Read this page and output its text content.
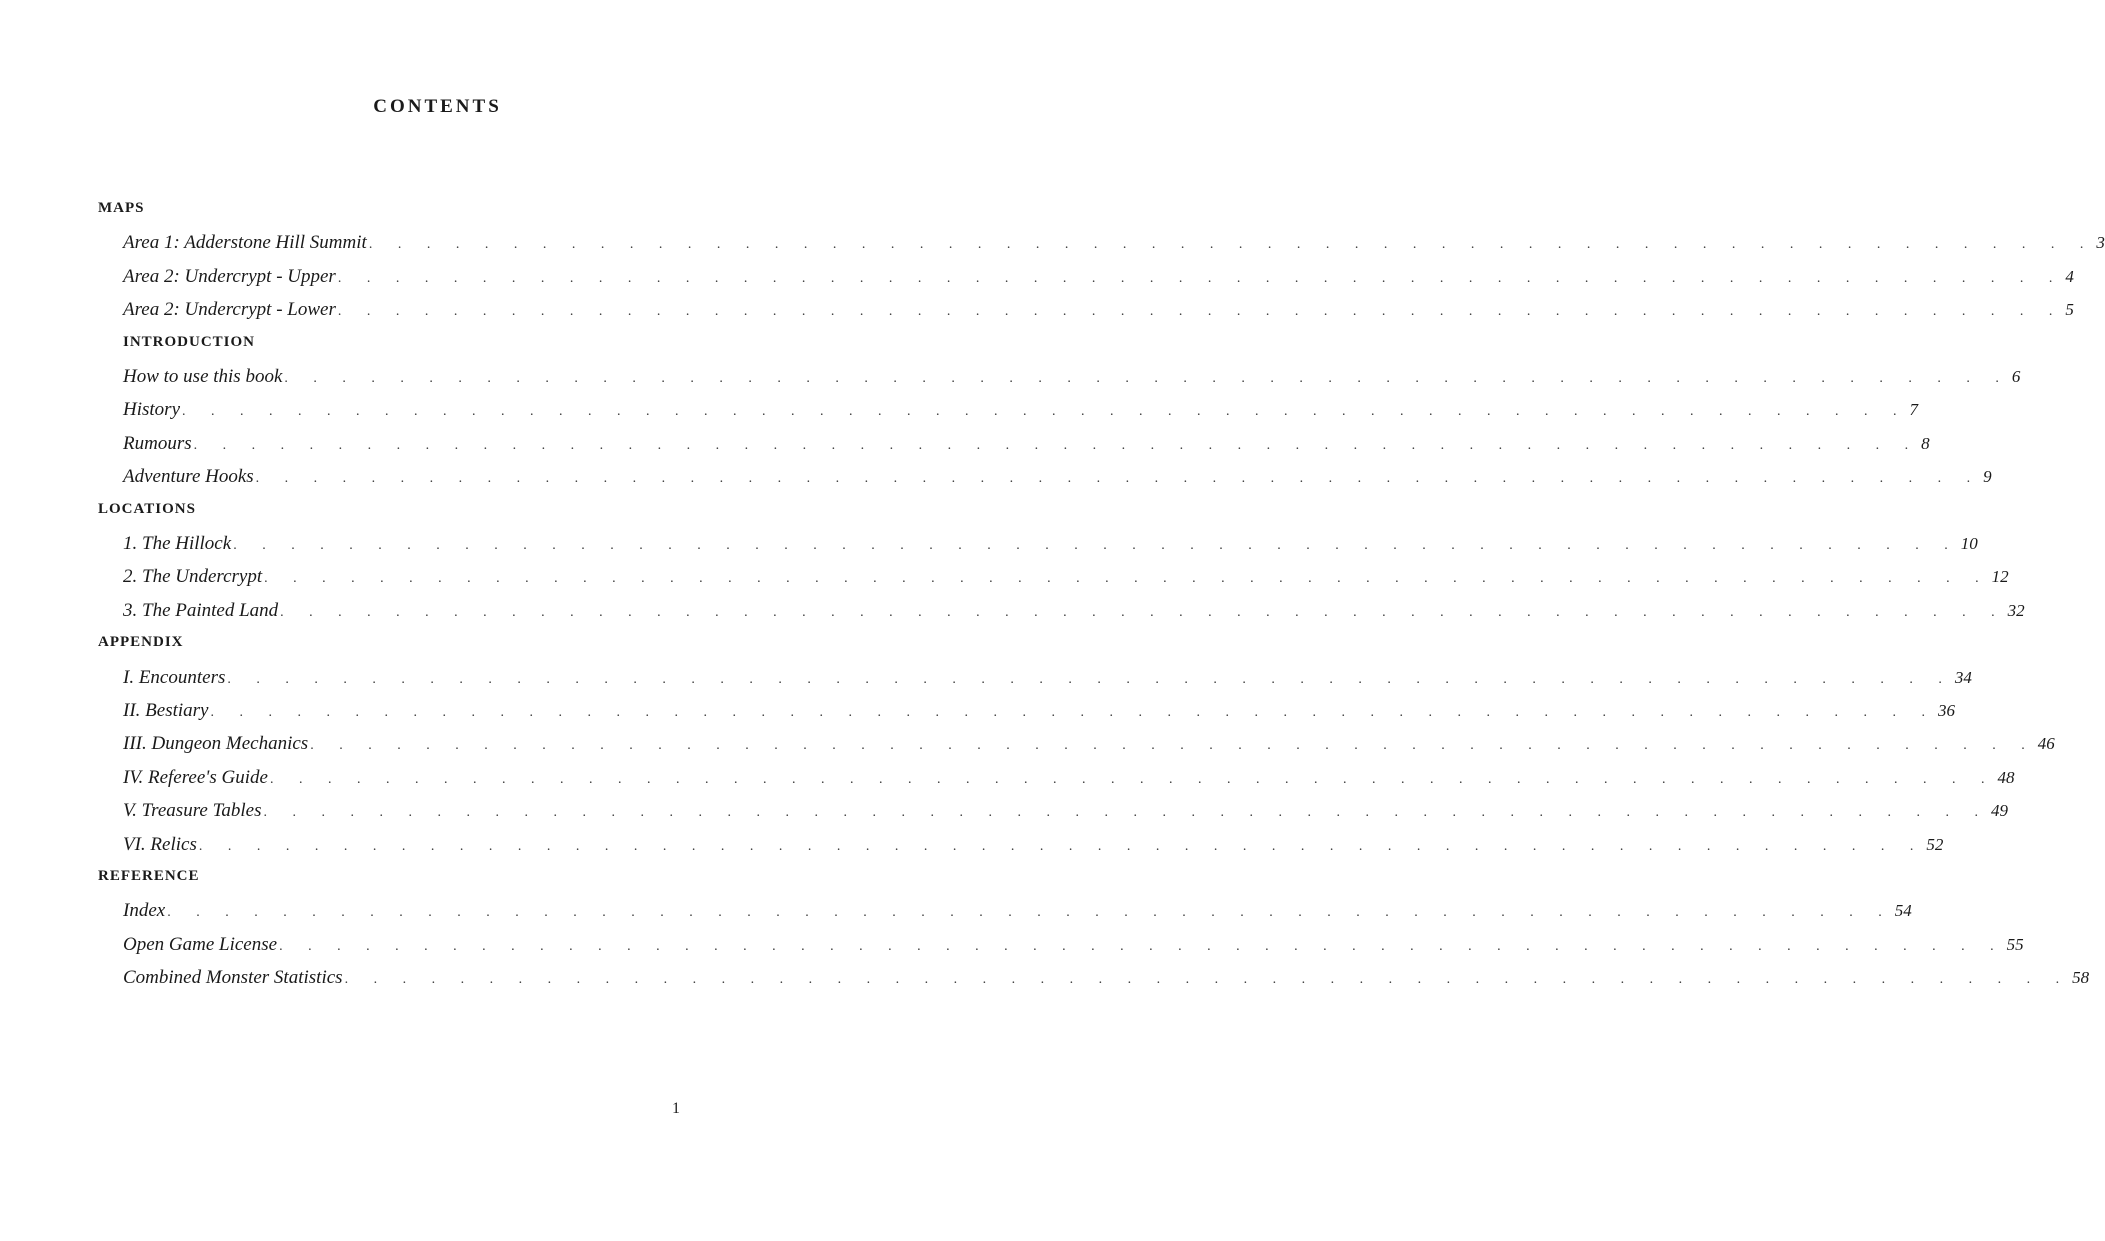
CONTENTS
MAPS
Area 1: Adderstone Hill Summit . . . . . . . . . . . . . . . . . . . . . . . . . . . . . . . . . . . . . . . . . . . . . . . . . . . . . . . . . . . . 3
Area 2: Undercrypt - Upper . . . . . . . . . . . . . . . . . . . . . . . . . . . . . . . . . . . . . . . . . . . . . . . . . . . . . . . . . . . . 4
Area 2: Undercrypt - Lower . . . . . . . . . . . . . . . . . . . . . . . . . . . . . . . . . . . . . . . . . . . . . . . . . . . . . . . . . . . . 5
INTRODUCTION
How to use this book . . . . . . . . . . . . . . . . . . . . . . . . . . . . . . . . . . . . . . . . . . . . . . . . . . . . . . . . . . . . 6
History . . . . . . . . . . . . . . . . . . . . . . . . . . . . . . . . . . . . . . . . . . . . . . . . . . . . . . . . . . . . 7
Rumours . . . . . . . . . . . . . . . . . . . . . . . . . . . . . . . . . . . . . . . . . . . . . . . . . . . . . . . . . . . . 8
Adventure Hooks . . . . . . . . . . . . . . . . . . . . . . . . . . . . . . . . . . . . . . . . . . . . . . . . . . . . . . . . . . . . 9
LOCATIONS
1. The Hillock . . . . . . . . . . . . . . . . . . . . . . . . . . . . . . . . . . . . . . . . . . . . . . . . . . . . . . . . . . . . 10
2. The Undercrypt . . . . . . . . . . . . . . . . . . . . . . . . . . . . . . . . . . . . . . . . . . . . . . . . . . . . . . . . . . . . 12
3. The Painted Land . . . . . . . . . . . . . . . . . . . . . . . . . . . . . . . . . . . . . . . . . . . . . . . . . . . . . . . . . . . . 32
APPENDIX
I. Encounters . . . . . . . . . . . . . . . . . . . . . . . . . . . . . . . . . . . . . . . . . . . . . . . . . . . . . . . . . . . . 34
II. Bestiary . . . . . . . . . . . . . . . . . . . . . . . . . . . . . . . . . . . . . . . . . . . . . . . . . . . . . . . . . . . . 36
III. Dungeon Mechanics . . . . . . . . . . . . . . . . . . . . . . . . . . . . . . . . . . . . . . . . . . . . . . . . . . . . . . . . . . . . 46
IV. Referee's Guide . . . . . . . . . . . . . . . . . . . . . . . . . . . . . . . . . . . . . . . . . . . . . . . . . . . . . . . . . . . . 48
V. Treasure Tables . . . . . . . . . . . . . . . . . . . . . . . . . . . . . . . . . . . . . . . . . . . . . . . . . . . . . . . . . . . . 49
VI. Relics . . . . . . . . . . . . . . . . . . . . . . . . . . . . . . . . . . . . . . . . . . . . . . . . . . . . . . . . . . . . 52
REFERENCE
Index . . . . . . . . . . . . . . . . . . . . . . . . . . . . . . . . . . . . . . . . . . . . . . . . . . . . . . . . . . . . 54
Open Game License . . . . . . . . . . . . . . . . . . . . . . . . . . . . . . . . . . . . . . . . . . . . . . . . . . . . . . . . . . . . 55
Combined Monster Statistics . . . . . . . . . . . . . . . . . . . . . . . . . . . . . . . . . . . . . . . . . . . . . . . . . . . . . . . . . . . . 58
1
